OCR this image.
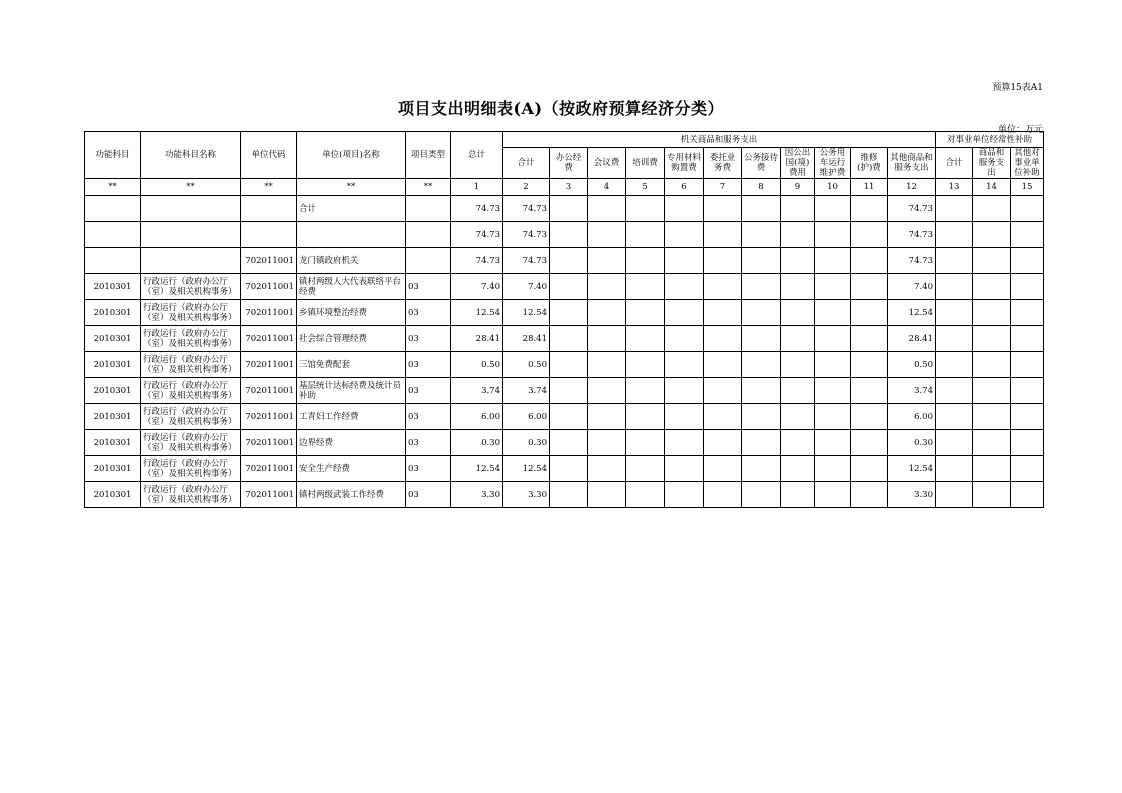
预算15表A1
项目支出明细表(A)（按政府预算经济分类）
单位：万元
功能科目	功能科目名称	单位代码	单位(项目)名称	项目类型	总计	机关商品和服务支出											对事业单位经常性补助		
						合计	办公经费	会议费	培训费	专用材料购置费	委托业务费	公务接待费	因公出国(境)费用	公务用车运行维护费	维修(护)费	其他商品和服务支出	合计	商品和服务支出	其他对事业单位补助
**	**	**	**	**	1	2	3	4	5	6	7	8	9	10	11	12	13	14	15
			合计		74.73	74.73										74.73			
					74.73	74.73										74.73			
		702011001	龙门镇政府机关		74.73	74.73										74.73			
2010301	行政运行（政府办公厅（室）及相关机构事务）	702011001	镇村两级人大代表联络平台经费	03	7.40	7.40										7.40			
2010301	行政运行（政府办公厅（室）及相关机构事务）	702011001	乡镇环境整治经费	03	12.54	12.54										12.54			
2010301	行政运行（政府办公厅（室）及相关机构事务）	702011001	社会综合管理经费	03	28.41	28.41										28.41			
2010301	行政运行（政府办公厅（室）及相关机构事务）	702011001	三馆免费配套	03	0.50	0.50										0.50			
2010301	行政运行（政府办公厅（室）及相关机构事务）	702011001	基层统计达标经费及统计员补助	03	3.74	3.74										3.74			
2010301	行政运行（政府办公厅（室）及相关机构事务）	702011001	工青妇工作经费	03	6.00	6.00										6.00			
2010301	行政运行（政府办公厅（室）及相关机构事务）	702011001	边界经费	03	0.30	0.30										0.30			
2010301	行政运行（政府办公厅（室）及相关机构事务）	702011001	安全生产经费	03	12.54	12.54										12.54			
2010301	行政运行（政府办公厅（室）及相关机构事务）	702011001	镇村两级武装工作经费	03	3.30	3.30										3.30			
